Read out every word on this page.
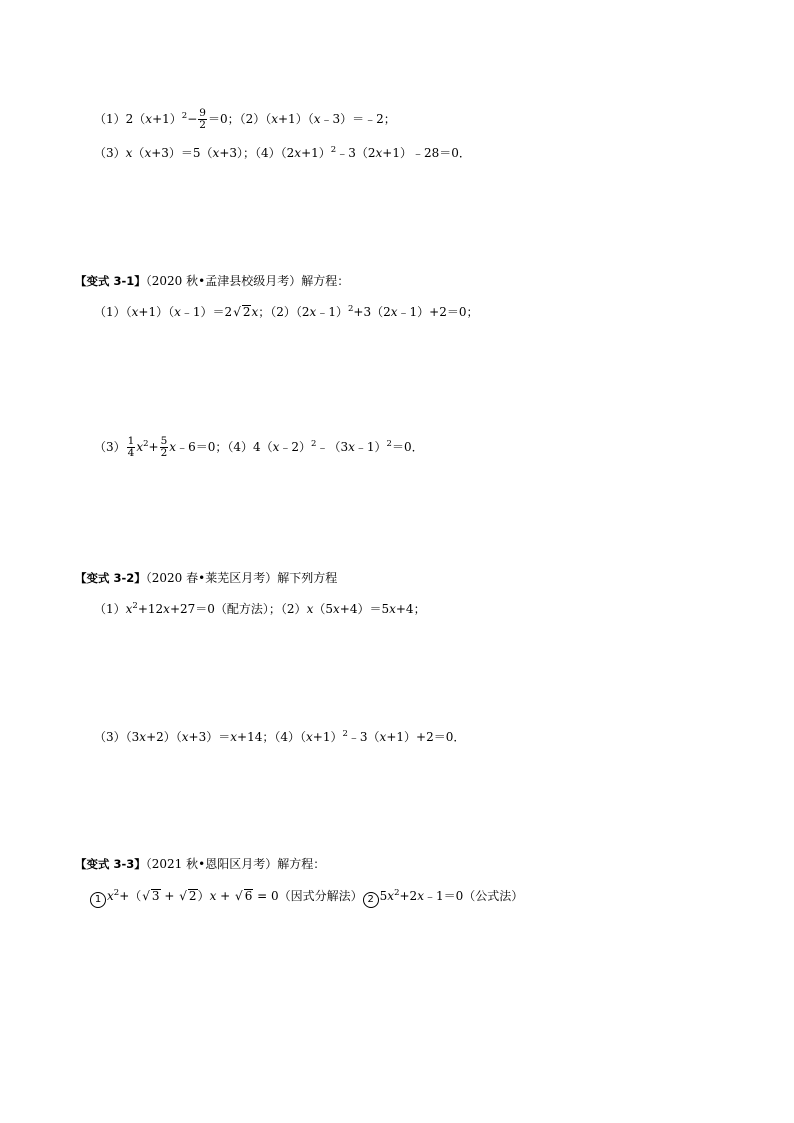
$(1)2(x+1)^2- \frac{9}{2} =0$；（2）（x+1）（x﹣3）＝﹣2；
（3）x（x+3）＝5（x+3）；$(4)(2x+1)^2﹣3(2x+1)﹣28=0$．
【变式 3-1】（2020 秋•孟津县校级月考）解方程：
（1）（x+1）（x﹣1）＝2√ 2x；（2）（2x﹣1）$^2$+3（2x﹣1）+2＝0；
$(3) \frac{1}{4} x^2+ \frac{5}{2}$ x﹣6＝0；（4）4（x﹣2）$^2$﹣（3x﹣1）$^2$＝0．
【变式 3-2】（2020 春•莱芜区月考）解下列方程
$(1)x^2+12x+27=0$（配方法）；（2）x（5x+4）＝5x+4；
（3）（3x+2）（x+3）＝x+14；$(4)(x+1)^2﹣3(x+1)+2=0$．
【变式 3-3】（2021 秋•恩阳区月考）解方程：
1 $x^2+(√$ 3 + √ 2）x + √ 6 = 0（因式分解法） 2 $5x^2+2x﹣1=0$（公式法）
